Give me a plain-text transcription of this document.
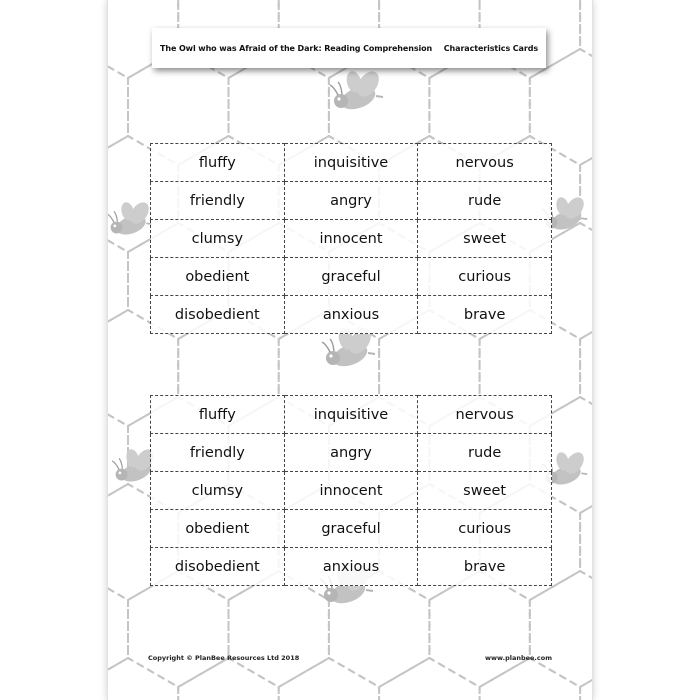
The Owl who was Afraid of the Dark: Reading Comprehension Characteristics Cards
fluffy	inquisitive	nervous
friendly	angry	rude
clumsy	innocent	sweet
obedient	graceful	curious
disobedient	anxious	brave
fluffy	inquisitive	nervous
friendly	angry	rude
clumsy	innocent	sweet
obedient	graceful	curious
disobedient	anxious	brave
Copyright © PlanBee Resources Ltd 2018	www.planbee.com
